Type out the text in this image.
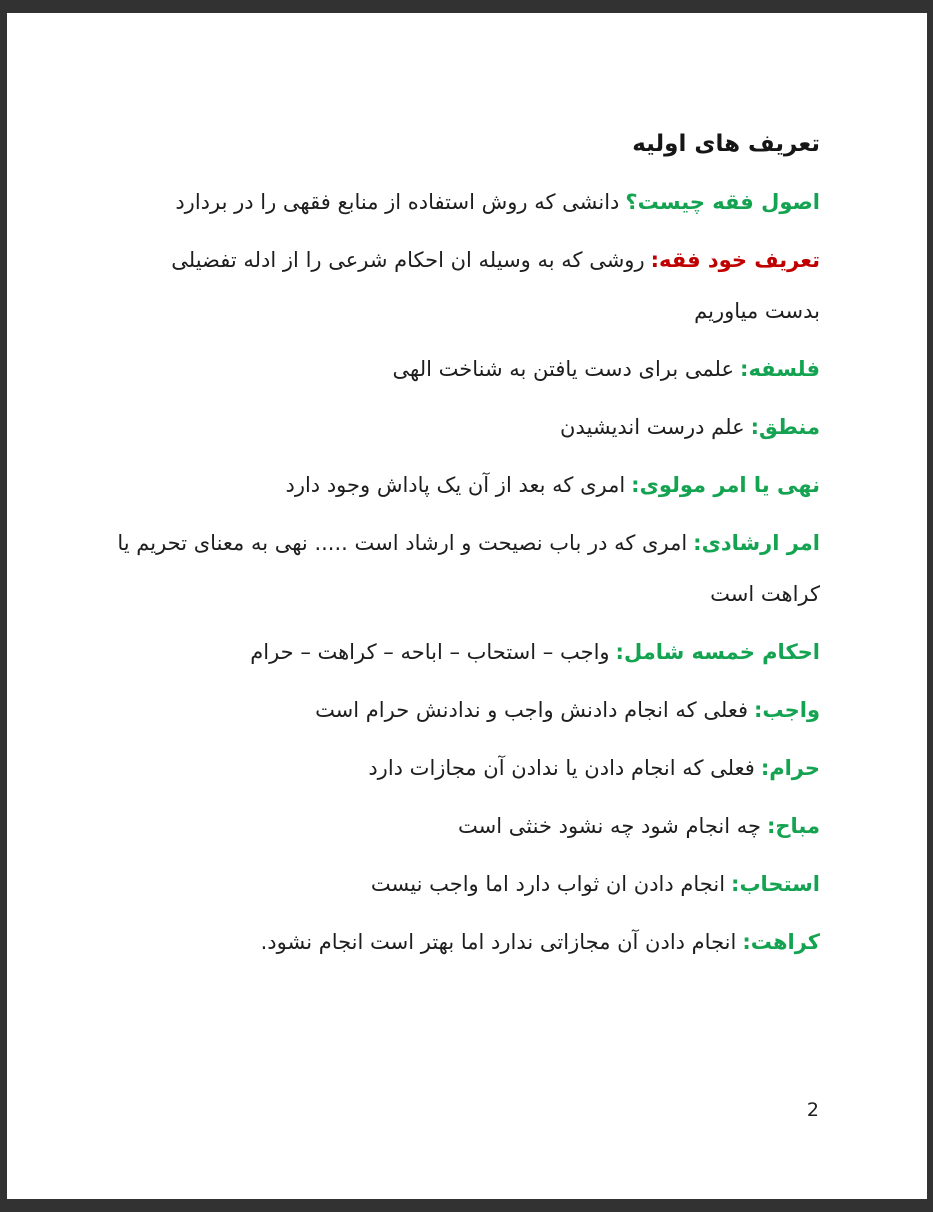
تعریف های اولیه

اصول فقه چیست؟دانشی که روش استفاده از منابع فقهی را در بردارد

تعریف خود فقه:روشی که به وسیله ان احکام شرعی را از ادله تفضیلی بدست میاوریم

فلسفه:علمی برای دست یافتن به شناخت الهی

منطق:علم درست اندیشیدن

نهی یا امر مولوی:امری که بعد از آن یک پاداش وجود دارد

امر ارشادی:امری که در باب نصیحت و ارشاد است ..... نهی به معنای تحریم یا کراهت است

احکام خمسه شامل:واجب – استحاب – اباحه – کراهت – حرام

واجب:فعلی که انجام دادنش واجب و ندادنش حرام است

حرام:فعلی که انجام دادن یا ندادن آن مجازات دارد

مباح:چه انجام شود چه نشود خنثی است

استحاب:انجام دادن ان ثواب دارد اما واجب نیست

کراهت:انجام دادن آن مجازاتی ندارد اما بهتر است انجام نشود.

2
